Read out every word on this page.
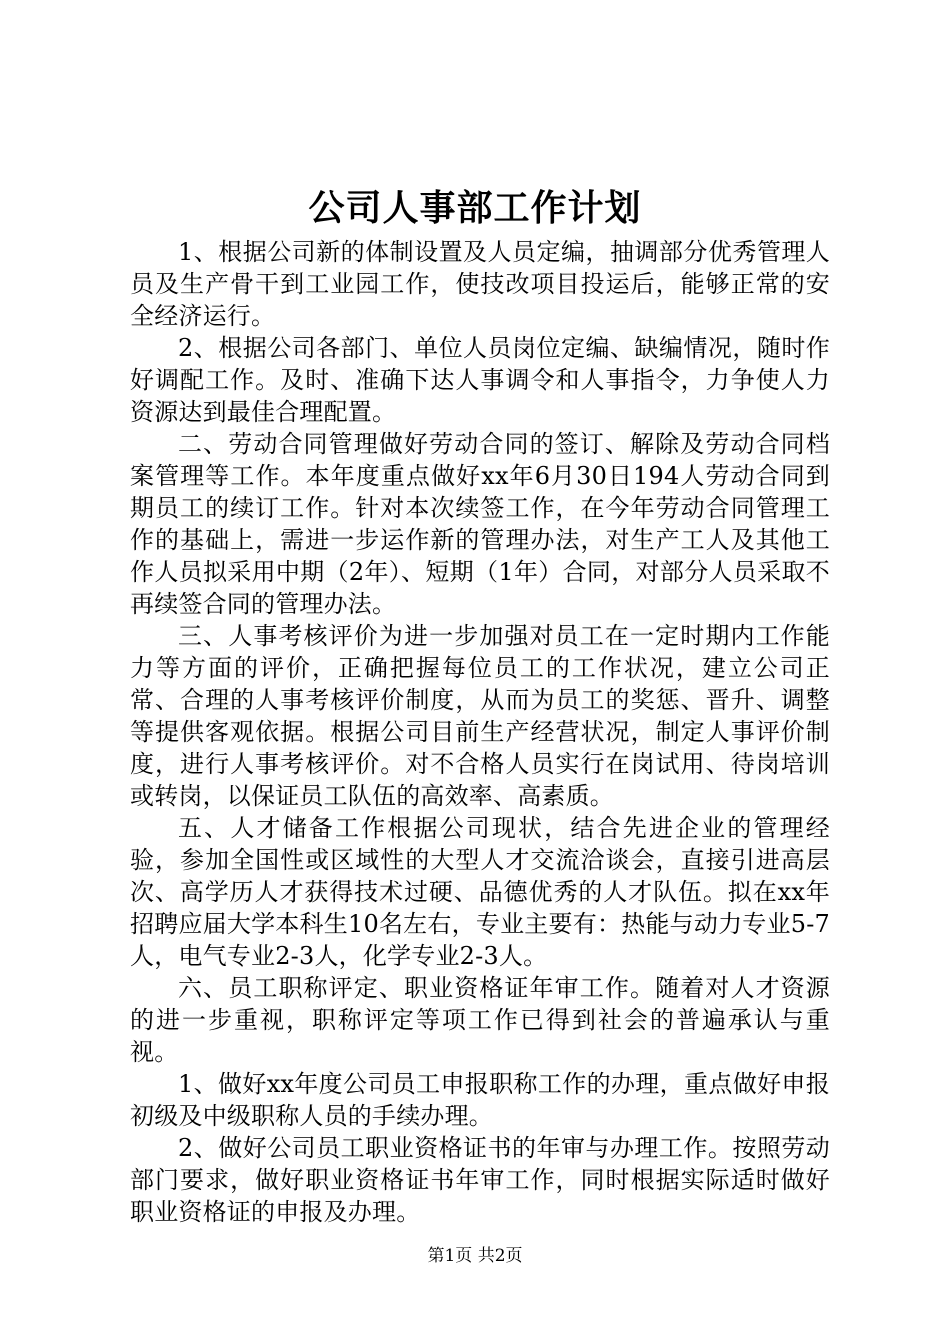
公司人事部工作计划

1、根据公司新的体制设置及人员定编，抽调部分优秀管理人员及生产骨干到工业园工作，使技改项目投运后，能够正常的安全经济运行。

2、根据公司各部门、单位人员岗位定编、缺编情况，随时作好调配工作。及时、准确下达人事调令和人事指令，力争使人力资源达到最佳合理配置。

二、劳动合同管理做好劳动合同的签订、解除及劳动合同档案管理等工作。本年度重点做好xx年6月30日194人劳动合同到期员工的续订工作。针对本次续签工作，在今年劳动合同管理工作的基础上，需进一步运作新的管理办法，对生产工人及其他工作人员拟采用中期（2年）、短期（1年）合同，对部分人员采取不再续签合同的管理办法。

三、人事考核评价为进一步加强对员工在一定时期内工作能力等方面的评价，正确把握每位员工的工作状况，建立公司正常、合理的人事考核评价制度，从而为员工的奖惩、晋升、调整等提供客观依据。根据公司目前生产经营状况，制定人事评价制度，进行人事考核评价。对不合格人员实行在岗试用、待岗培训或转岗，以保证员工队伍的高效率、高素质。

五、人才储备工作根据公司现状，结合先进企业的管理经验，参加全国性或区域性的大型人才交流洽谈会，直接引进高层次、高学历人才获得技术过硬、品德优秀的人才队伍。拟在xx年招聘应届大学本科生10名左右，专业主要有：热能与动力专业5-7人，电气专业2-3人，化学专业2-3人。

六、员工职称评定、职业资格证年审工作。随着对人才资源的进一步重视，职称评定等项工作已得到社会的普遍承认与重视。

1、做好xx年度公司员工申报职称工作的办理，重点做好申报初级及中级职称人员的手续办理。

2、做好公司员工职业资格证书的年审与办理工作。按照劳动部门要求，做好职业资格证书年审工作，同时根据实际适时做好职业资格证的申报及办理。

第1页 共2页
